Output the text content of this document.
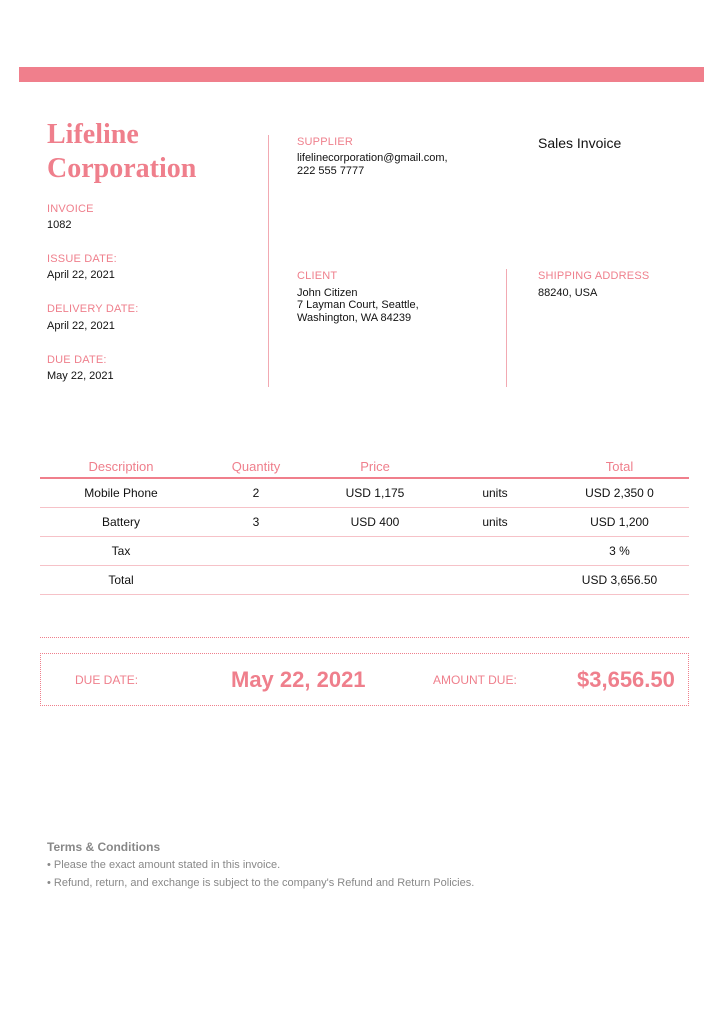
Lifeline
Corporation
INVOICE
1082
ISSUE DATE:
April 22, 2021
DELIVERY DATE:
April 22, 2021
DUE DATE:
May 22, 2021
SUPPLIER
lifelinecorporation@gmail.com,
222 555 7777
Sales Invoice
CLIENT
John Citizen
7 Layman Court, Seattle,
Washington, WA 84239
SHIPPING ADDRESS
88240, USA
Description	Quantity	Price		Total
Mobile Phone	2	USD 1,175	units	USD 2,350 0
Battery	3	USD 400	units	USD 1,200
Tax				3 %
Total				USD 3,656.50
DUE DATE:	May 22, 2021	AMOUNT DUE:	$3,656.50
Terms & Conditions
• Please the exact amount stated in this invoice.
• Refund, return, and exchange is subject to the company's Refund and Return Policies.
